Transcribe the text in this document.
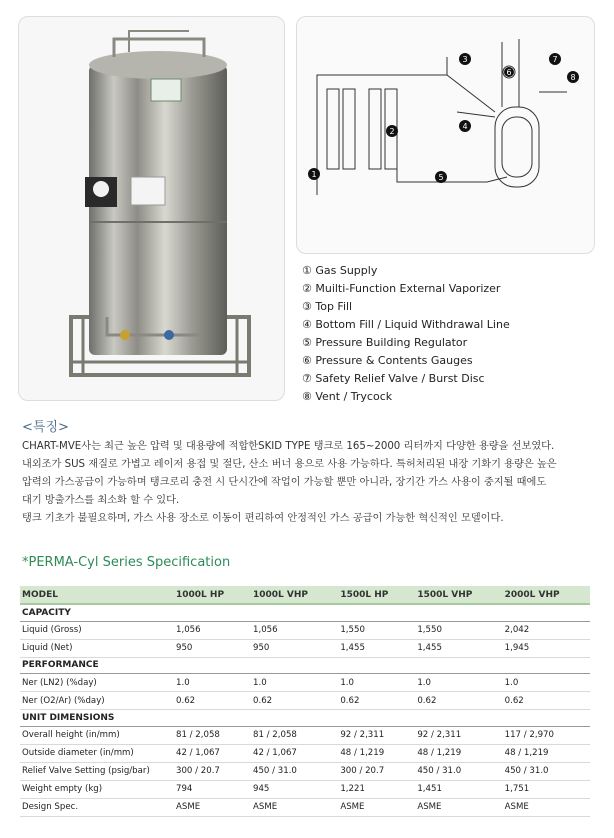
1
2
3
4
5
6
7
8
① Gas Supply
② Muilti-Function External Vaporizer
③ Top Fill
④ Bottom Fill / Liquid Withdrawal Line
⑤ Pressure Building Regulator
⑥ Pressure & Contents Gauges
⑦ Safety Relief Valve / Burst Disc
⑧ Vent / Trycock
<특징>

CHART-MVE사는 최근 높은 압력 및 대용량에 적합한SKID TYPE 탱크로 165~2000 리터까지 다양한 용량을 선보였다.

내외조가 SUS 재질로 가볍고 레이저 용접 및 절단, 산소 버너 용으로 사용 가능하다. 특허처리된 내장 기화기 용량은 높은

압력의 가스공급이 가능하며 탱크로리 충전 시 단시간에 작업이 가능할 뿐만 아니라, 장기간 가스 사용이 중지될 때에도

대기 방출가스를 최소화 할 수 있다.

탱크 기초가 불필요하며, 가스 사용 장소로 이동이 편리하여 안정적인 가스 공급이 가능한 혁신적인 모델이다.

*PERMA-Cyl Series Specification
MODEL	1000L HP	1000L VHP	1500L HP	1500L VHP	2000L VHP
CAPACITY					
Liquid (Gross)	1,056	1,056	1,550	1,550	2,042
Liquid (Net)	950	950	1,455	1,455	1,945
PERFORMANCE					
Ner (LN2) (%day)	1.0	1.0	1.0	1.0	1.0
Ner (O2/Ar) (%day)	0.62	0.62	0.62	0.62	0.62
UNIT DIMENSIONS					
Overall height (in/mm)	81 / 2,058	81 / 2,058	92 / 2,311	92 / 2,311	117 / 2,970
Outside diameter (in/mm)	42 / 1,067	42 / 1,067	48 / 1,219	48 / 1,219	48 / 1,219
Relief Valve Setting (psig/bar)	300 / 20.7	450 / 31.0	300 / 20.7	450 / 31.0	450 / 31.0
Weight empty (kg)	794	945	1,221	1,451	1,751
Design Spec.	ASME	ASME	ASME	ASME	ASME
